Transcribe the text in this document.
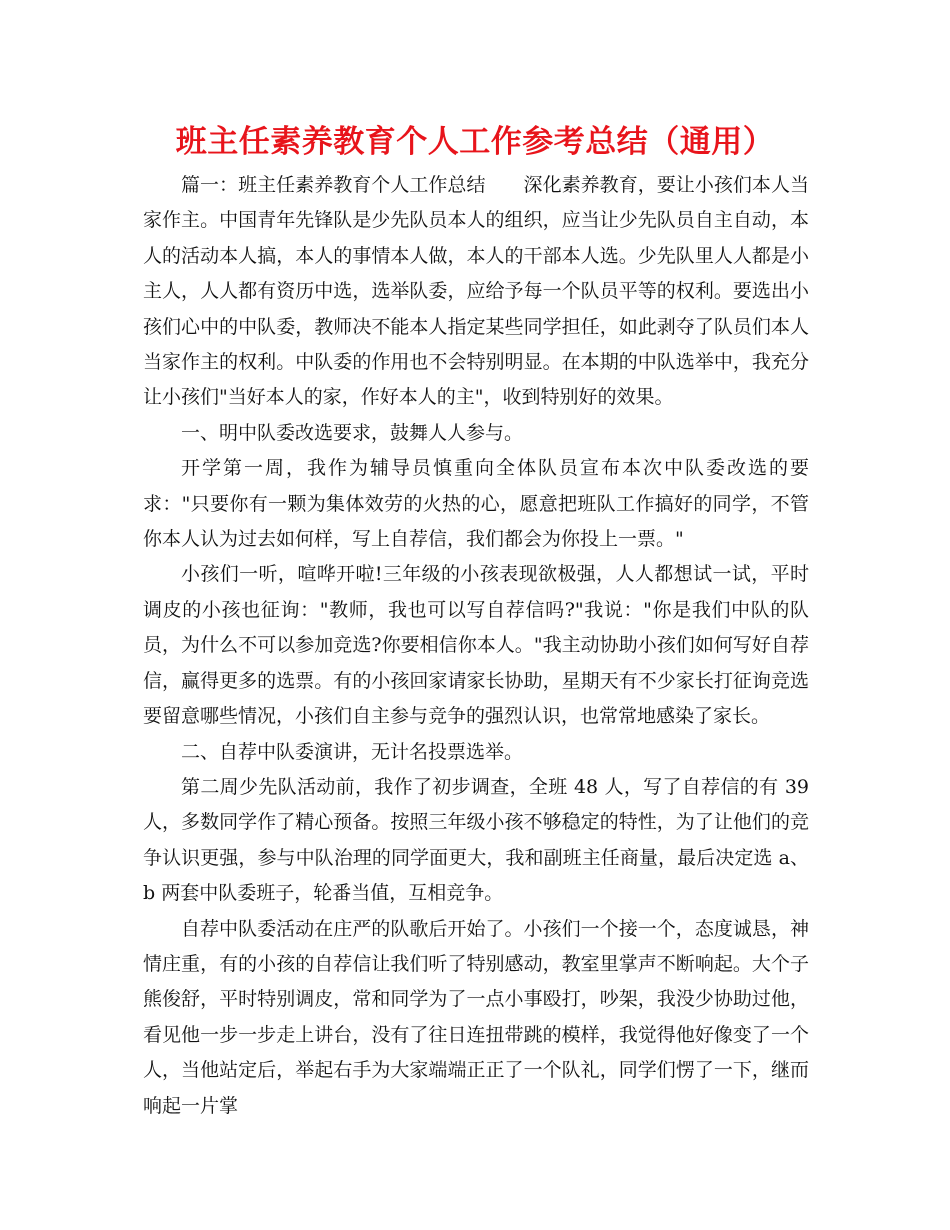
班主任素养教育个人工作参考总结（通用）

篇一：班主任素养教育个人工作总结　　深化素养教育，要让小孩们本人当家作主。中国青年先锋队是少先队员本人的组织，应当让少先队员自主自动，本人的活动本人搞，本人的事情本人做，本人的干部本人选。少先队里人人都是小主人，人人都有资历中选，选举队委，应给予每一个队员平等的权利。要选出小孩们心中的中队委，教师决不能本人指定某些同学担任，如此剥夺了队员们本人当家作主的权利。中队委的作用也不会特别明显。在本期的中队选举中，我充分让小孩们"当好本人的家，作好本人的主"，收到特别好的效果。

一、明中队委改选要求，鼓舞人人参与。

开学第一周，我作为辅导员慎重向全体队员宣布本次中队委改选的要求："只要你有一颗为集体效劳的火热的心，愿意把班队工作搞好的同学，不管你本人认为过去如何样，写上自荐信，我们都会为你投上一票。"

小孩们一听，喧哗开啦!三年级的小孩表现欲极强，人人都想试一试，平时调皮的小孩也征询："教师，我也可以写自荐信吗?"我说："你是我们中队的队员，为什么不可以参加竞选?你要相信你本人。"我主动协助小孩们如何写好自荐信，赢得更多的选票。有的小孩回家请家长协助，星期天有不少家长打征询竞选要留意哪些情况，小孩们自主参与竞争的强烈认识，也常常地感染了家长。

二、自荐中队委演讲，无计名投票选举。

第二周少先队活动前，我作了初步调查，全班 48 人，写了自荐信的有 39 人，多数同学作了精心预备。按照三年级小孩不够稳定的特性，为了让他们的竞争认识更强，参与中队治理的同学面更大，我和副班主任商量，最后决定选 a、b 两套中队委班子，轮番当值，互相竞争。

自荐中队委活动在庄严的队歌后开始了。小孩们一个接一个，态度诚恳，神情庄重，有的小孩的自荐信让我们听了特别感动，教室里掌声不断响起。大个子熊俊舒，平时特别调皮，常和同学为了一点小事殴打，吵架，我没少协助过他，看见他一步一步走上讲台，没有了往日连扭带跳的模样，我觉得他好像变了一个人，当他站定后，举起右手为大家端端正正了一个队礼，同学们愣了一下，继而响起一片掌
